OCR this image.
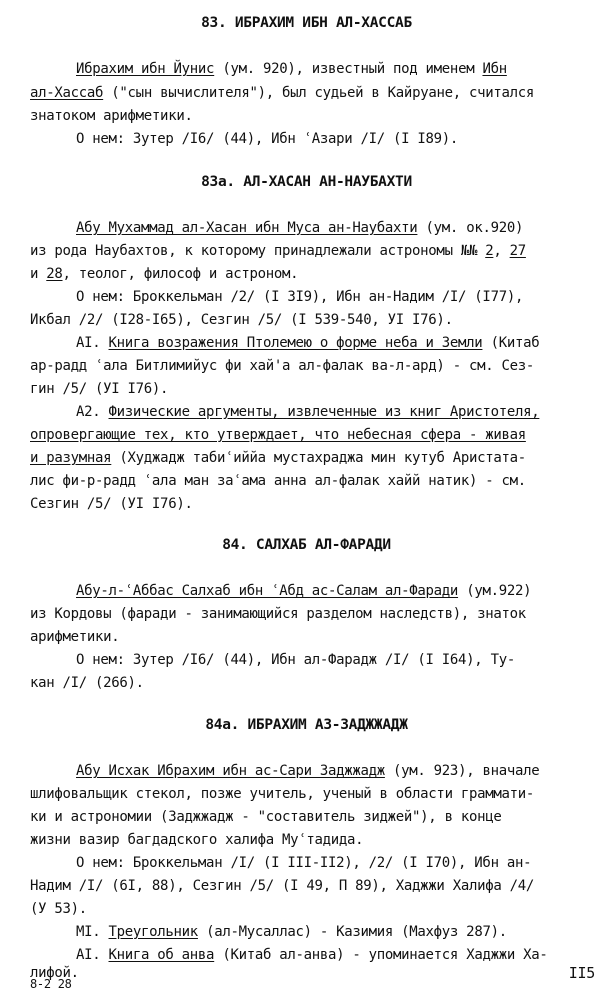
83. ИБРАХИМ ИБН АЛ-ХАССАБ
Ибрахим ибн Йунис (ум. 920), известный под именем Ибн
ал-Хассаб ("сын вычислителя"), был судьей в Кайруане, считался
знатоком арифметики.
О нем: Зутер /I6/ (44), Ибн ʿАзари /I/ (I I89).
83а. АЛ-ХАСАН АН-НАУБАХТИ
Абу Мухаммад ал-Хасан ибн Муса ан-Наубахти (ум. ок.920)
из рода Наубахтов, к которому принадлежали астрономы №№ 2, 27
и 28, теолог, философ и астроном.
О нем: Броккельман /2/ (I 3I9), Ибн ан-Надим /I/ (I77),
Икбал /2/ (I28-I65), Сезгин /5/ (I 539-540, УI I76).
AI. Книга возражения Птолемею о форме неба и Земли (Китаб
ар-радд ʿала Битлимийус фи хай'а ал-фалак ва-л-ард) - см. Сез-
гин /5/ (УI I76).
A2. Физические аргументы, извлеченные из книг Аристотеля,
опровергающие тех, кто утверждает, что небесная сфера - живая
и разумная (Худжадж табиʿиййа мустахраджа мин кутуб Аристата-
лис фи-р-радд ʿала ман заʿама анна ал-фалак хайй натик) - см.
Сезгин /5/ (УI I76).
84. САЛХАБ АЛ-ФАРАДИ
Абу-л-ʿАббас Салхаб ибн ʿАбд ас-Салам ал-Фаради (ум.922)
из Кордовы (фаради - занимающийся разделом наследств), знаток
арифметики.
О нем: Зутер /I6/ (44), Ибн ал-Фарадж /I/ (I I64), Ту-
кан /I/ (266).
84а. ИБРАХИМ АЗ-ЗАДЖЖАДЖ
Абу Исхак Ибрахим ибн ас-Сари Заджжадж (ум. 923), вначале
шлифовальщик стекол, позже учитель, ученый в области граммати-
ки и астрономии (Заджжадж - "составитель зиджей"), в конце
жизни вазир багдадского халифа Муʿтадида.
О нем: Броккельман /I/ (I III-II2), /2/ (I I70), Ибн ан-
Надим /I/ (6I, 88), Сезгин /5/ (I 49, П 89), Хаджжи Халифа /4/
(У 53).
MI. Треугольник (ал-Мусаллас) - Казимия (Махфуз 287).
AI. Книга об анва (Китаб ал-анва) - упоминается Хаджжи Ха-
лифой.	II5
8-2 28
